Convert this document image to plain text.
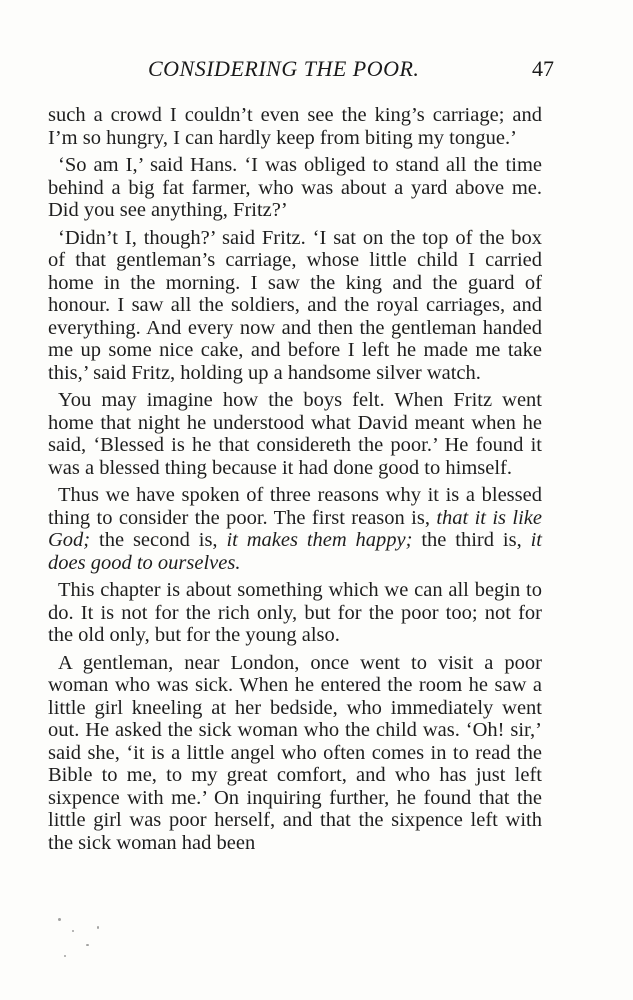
CONSIDERING THE POOR.	47

such a crowd I couldn’t even see the king’s carriage; and I’m so hungry, I can hardly keep from biting my tongue.’

‘So am I,’ said Hans. ‘I was obliged to stand all the time behind a big fat farmer, who was about a yard above me. Did you see anything, Fritz?’

‘Didn’t I, though?’ said Fritz. ‘I sat on the top of the box of that gentleman’s carriage, whose little child I carried home in the morning. I saw the king and the guard of honour. I saw all the soldiers, and the royal carriages, and everything. And every now and then the gentleman handed me up some nice cake, and before I left he made me take this,’ said Fritz, holding up a handsome silver watch.

You may imagine how the boys felt. When Fritz went home that night he understood what David meant when he said, ‘Blessed is he that considereth the poor.’ He found it was a blessed thing because it had done good to himself.

Thus we have spoken of three reasons why it is a blessed thing to consider the poor. The first reason is, that it is like God; the second is, it makes them happy; the third is, it does good to ourselves.

This chapter is about something which we can all begin to do. It is not for the rich only, but for the poor too; not for the old only, but for the young also.

A gentleman, near London, once went to visit a poor woman who was sick. When he entered the room he saw a little girl kneeling at her bedside, who immediately went out. He asked the sick woman who the child was. ‘Oh! sir,’ said she, ‘it is a little angel who often comes in to read the Bible to me, to my great comfort, and who has just left sixpence with me.’ On inquiring further, he found that the little girl was poor herself, and that the sixpence left with the sick woman had been
